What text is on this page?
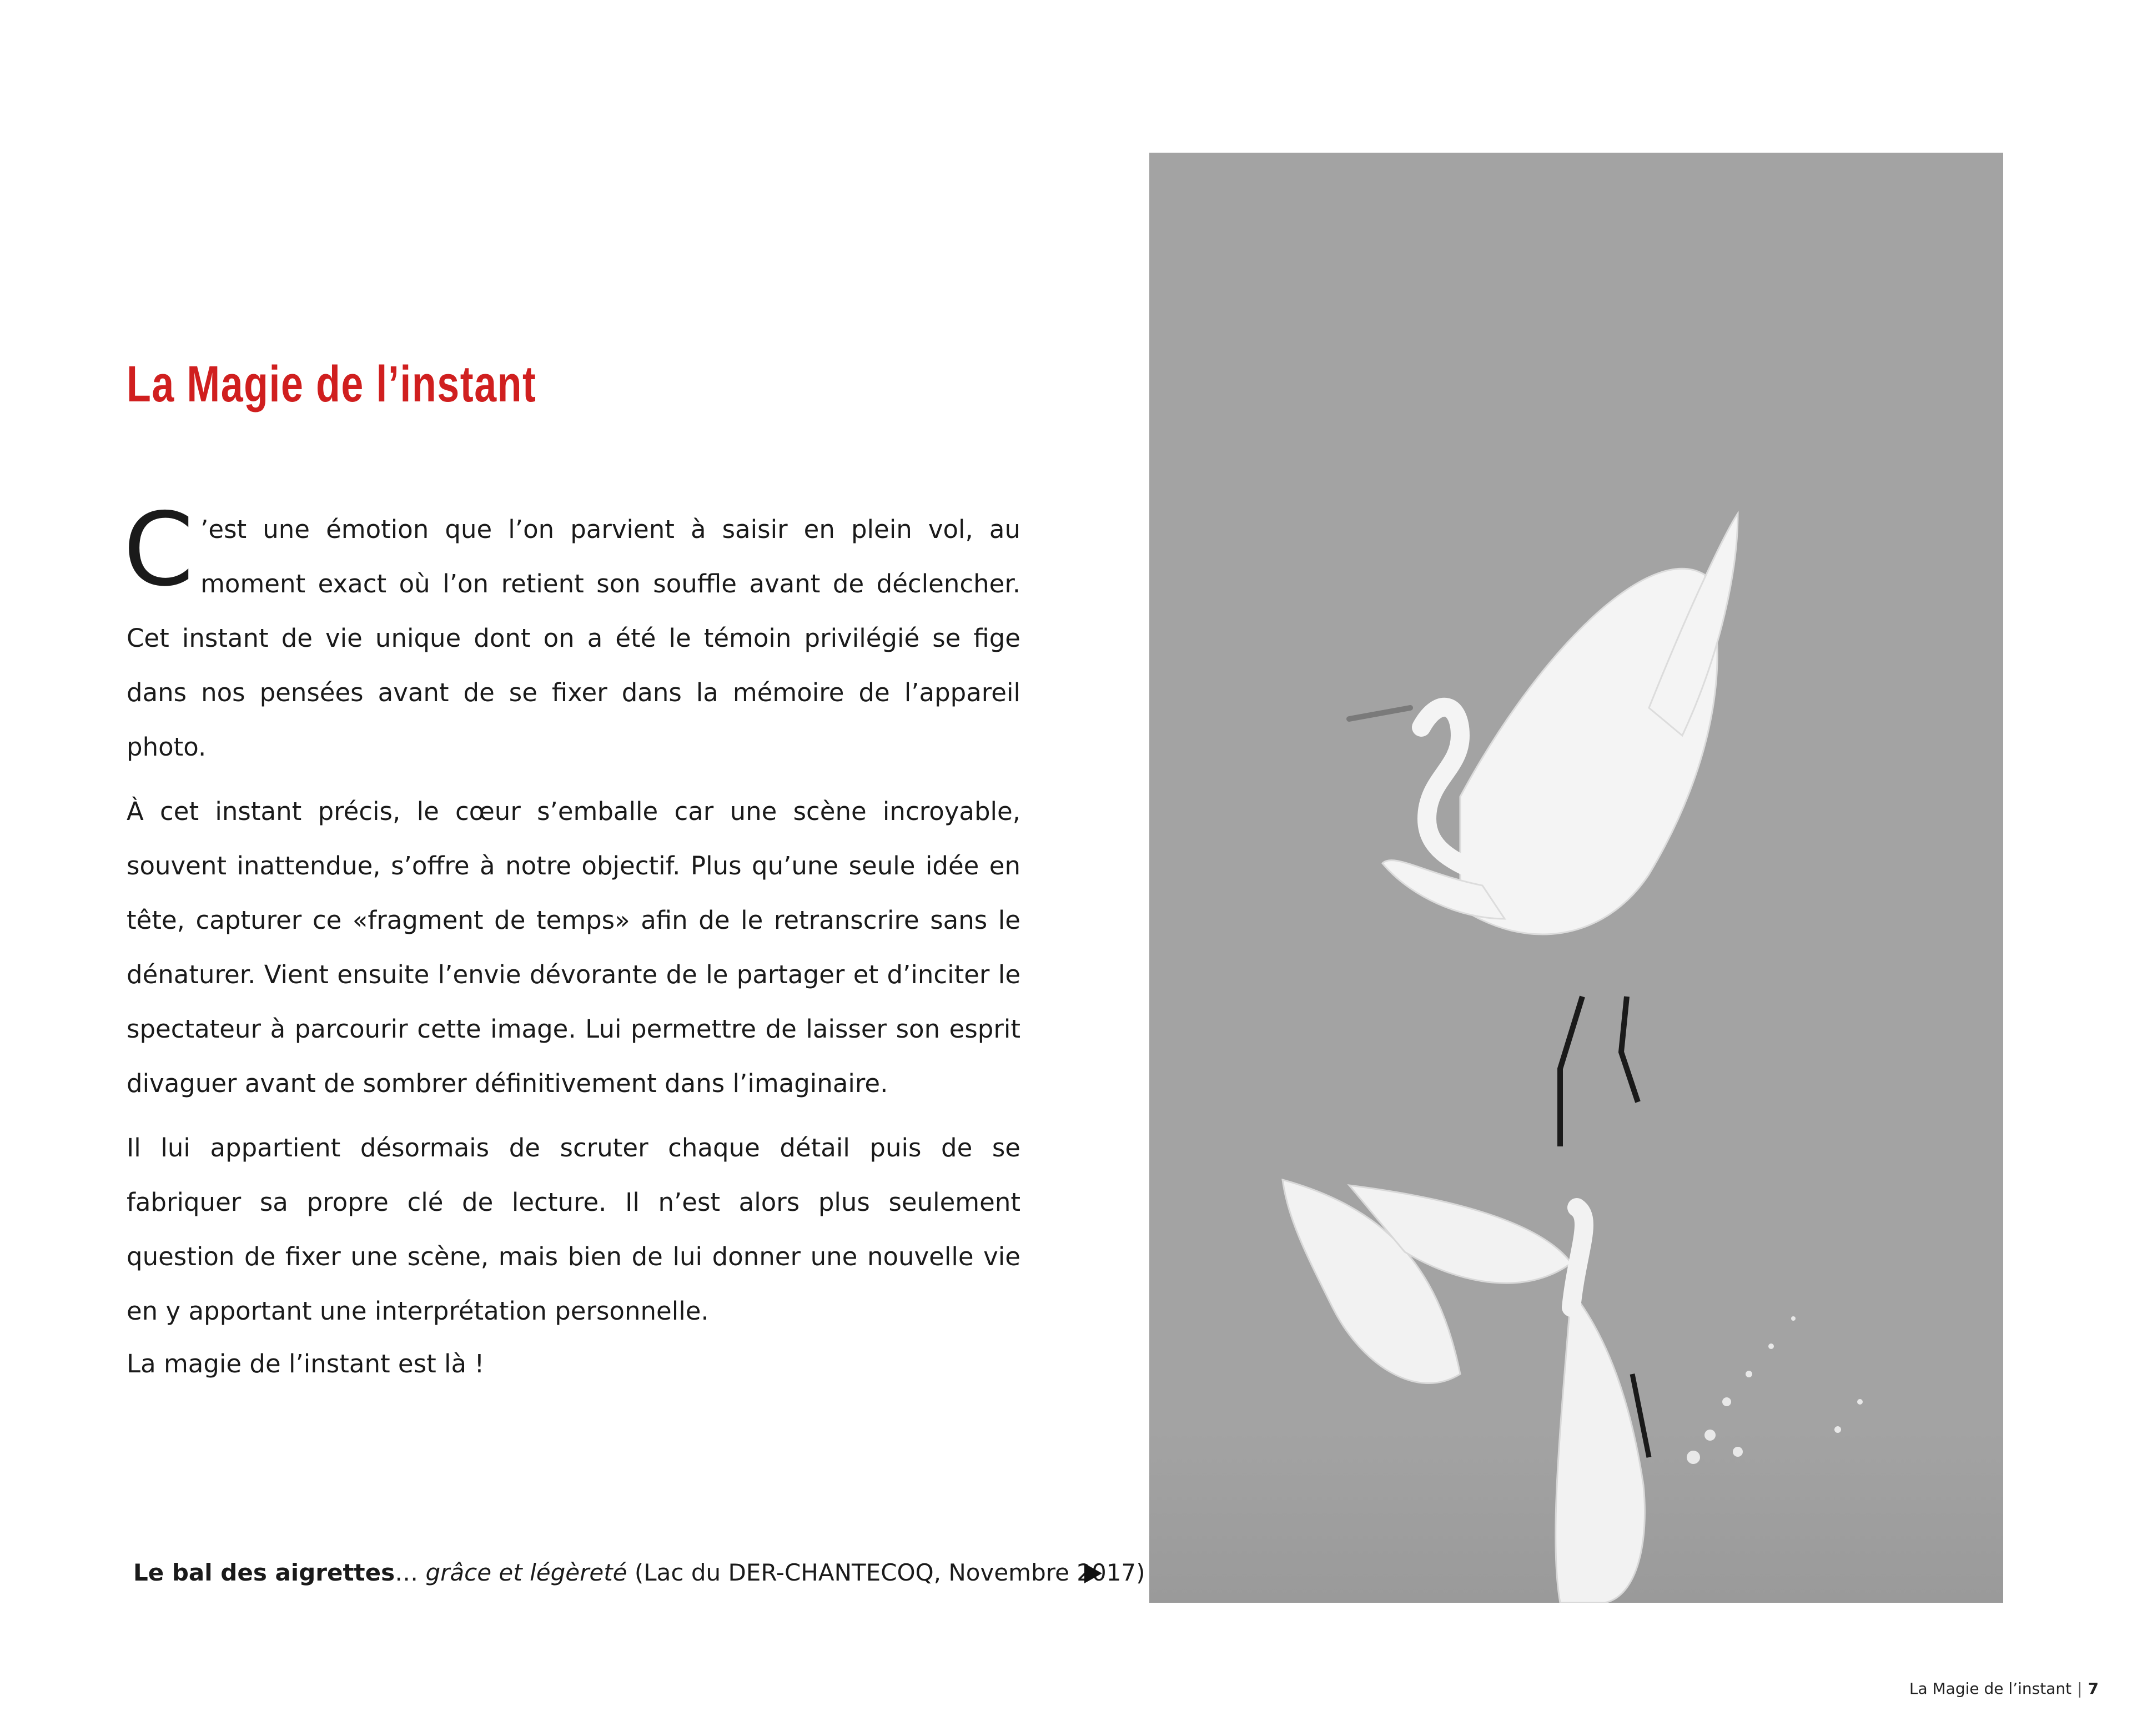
La Magie de l’instant

C ’est une émotion que l’on parvient à saisir en plein vol, au moment exact où l’on retient son souffle avant de déclencher. Cet instant de vie unique dont on a été le témoin privilégié se fige dans nos pensées avant de se fixer dans la mémoire de l’appareil photo.

À cet instant précis, le cœur s’emballe car une scène incroyable, souvent inattendue, s’offre à notre objectif. Plus qu’une seule idée en tête, capturer ce «fragment de temps» afin de le retranscrire sans le dénaturer. Vient ensuite l’envie dévorante de le partager et d’inciter le spectateur à parcourir cette image. Lui permettre de laisser son esprit divaguer avant de sombrer définitivement dans l’imaginaire.

Il lui appartient désormais de scruter chaque détail puis de se fabriquer sa propre clé de lecture. Il n’est alors plus seulement question de fixer une scène, mais bien de lui donner une nouvelle vie en y apportant une interprétation personnelle.

La magie de l’instant est là !
Le bal des aigrettes… grâce et légèreté (Lac du DER-CHANTECOQ, Novembre 2017)
La Magie de l’instant | 7
